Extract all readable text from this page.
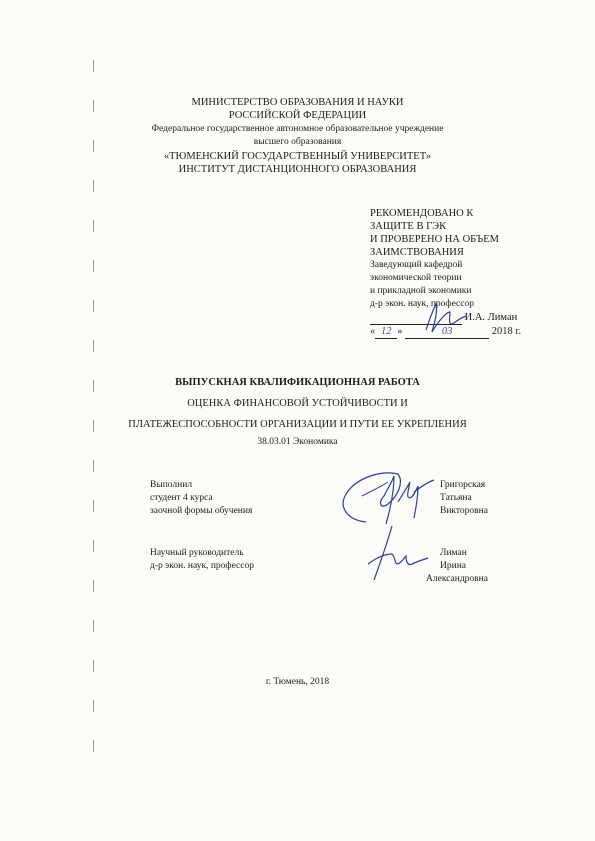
МИНИСТЕРСТВО ОБРАЗОВАНИЯ И НАУКИ
РОССИЙСКОЙ ФЕДЕРАЦИИ
Федеральное государственное автономное образовательное учреждение
высшего образования
«ТЮМЕНСКИЙ ГОСУДАРСТВЕННЫЙ УНИВЕРСИТЕТ»
ИНСТИТУТ ДИСТАНЦИОННОГО ОБРАЗОВАНИЯ
РЕКОМЕНДОВАНО К
ЗАЩИТЕ В ГЭК
И ПРОВЕРЕНО НА ОБЪЕМ
ЗАИМСТВОВАНИЯ
Заведующий кафедрой
экономической теории
и прикладной экономики
д-р экон. наук, профессор
И.А. Лиман
« 12 »	03	2018 г.
ВЫПУСКНАЯ КВАЛИФИКАЦИОННАЯ РАБОТА
ОЦЕНКА ФИНАНСОВОЙ УСТОЙЧИВОСТИ И
ПЛАТЕЖЕСПОСОБНОСТИ ОРГАНИЗАЦИИ И ПУТИ ЕЕ УКРЕПЛЕНИЯ
38.03.01 Экономика
Выполнил
студент 4 курса
заочной формы обучения
Григорская
Татьяна
Викторовна
Научный руководитель
д-р экон. наук, профессор
Лиман
Ирина
Александровна
г. Тюмень, 2018
